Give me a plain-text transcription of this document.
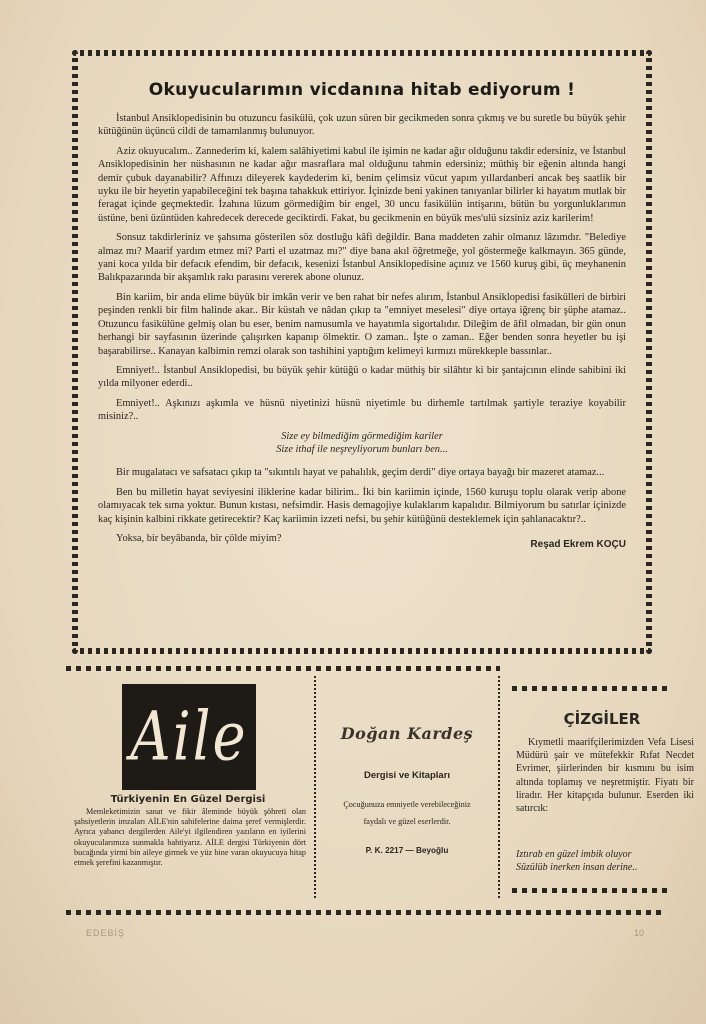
Okuyucularımın vicdanına hitab ediyorum !

İstanbul Ansiklopedisinin bu otuzuncu fasikülü, çok uzun süren bir gecikmeden sonra çıkmış ve bu suretle bu büyük şehir kütüğünün üçüncü cildi de tamamlanmış bulunuyor.

Aziz okuyucalım.. Zannederim ki, kalem salâhiyetimi kabul ile işimin ne kadar ağır olduğunu takdir edersiniz, ve İstanbul Ansiklopedisinin her nüshasının ne kadar ağır masraflara mal olduğunu tahmin edersiniz; müthiş bir eğenin altında hangi demir çubuk dayanabilir? Affınızı dileyerek kaydederim ki, benim çelimsiz vücut yapım yıllardanberi ancak beş saatlik bir uyku ile bir heyetin yapabileceğini tek başına tahakkuk ettiriyor. İçinizde beni yakinen tanıyanlar bilirler ki hayatım mutlak bir feragat içinde geçmektedir. İzahına lüzum görmediğim bir engel, 30 uncu fasikülün intişarını, bütün bu yorgunluklarımın üstüne, beni üzüntüden kahredecek derecede geciktirdi. Fakat, bu gecikmenin en büyük mes'ulü sizsiniz aziz karilerim!

Sonsuz takdirleriniz ve şahsıma gösterilen söz dostluğu kâfi değildir. Bana maddeten zahir olmanız lâzımdır. "Belediye almaz mı? Maarif yardım etmez mi? Parti el uzatmaz mı?" diye bana akıl öğretmeğe, yol göstermeğe kalkmayın. 365 günde, yani koca yılda bir defacık efendim, bir defacık, kesenizi İstanbul Ansiklopedisine açınız ve 1560 kuruş gibi, üç meyhanenin Balıkpazarında bir akşamlık rakı parasını vererek abone olunuz.

Bin kariim, bir anda elime büyük bir imkân verir ve ben rahat bir nefes alırım, İstanbul Ansiklopedisi fasikülleri de birbiri peşinden renkli bir film halinde akar.. Bir küstah ve nâdan çıkıp ta "emniyet meselesi" diye ortaya iğrenç bir şüphe atamaz.. Otuzuncu fasikülüne gelmiş olan bu eser, benim namusumla ve hayatımla sigortalıdır. Dileğim de âfil olmadan, bir gün onun herhangi bir sayfasının üzerinde çalışırken kapanıp ölmektir. O zaman.. İşte o zaman.. Eğer benden sonra heyetler bu işi başarabilirse.. Kanayan kalbimin remzi olarak son tashihini yaptığım kelimeyi kırmızı mürekkeple bassınlar..

Emniyet!.. İstanbul Ansiklopedisi, bu büyük şehir kütüğü o kadar müthiş bir silâhtır ki bir şantajcının elinde sahibini iki yılda milyoner ederdi..

Emniyet!.. Aşkınızı aşkımla ve hüsnü niyetinizi hüsnü niyetimle bu dirhemle tartılmak şartiyle teraziye koyabilir misiniz?..

Size ey bilmediğim görmediğim kariler
Size ithaf ile neşreyliyorum bunları ben...

Bir mugalatacı ve safsatacı çıkıp ta "sıkıntılı hayat ve pahalılık, geçim derdi" diye ortaya bayağı bir mazeret atamaz...

Ben bu milletin hayat seviyesini iliklerine kadar bilirim.. İki bin kariimin içinde, 1560 kuruşu toplu olarak verip abone olamıyacak tek sıma yoktur. Bunun kıstası, nefsimdir. Hasis demagojiye kulaklarım kapalıdır. Bilmiyorum bu satırlar içinizde kaç kişinin kalbini rikkate getirecektir? Kaç kariimin izzeti nefsi, bu şehir kütüğünü desteklemek için şahlanacaktır?..

Yoksa, bir beyâbanda, bir çölde miyim?

Reşad Ekrem KOÇU
Aile
Türkiyenin En Güzel Dergisi
Memleketimizin sanat ve fikir âleminde büyük şöhreti olan şahsiyetlerin imzaları AİLE'nin sahifelerine daima şeref vermişlerdir. Ayrıca yabancı dergilerden Aile'yi ilgilendiren yazıların en iyilerini okuyucularımıza sunmakla bahtiyarız. AİLE dergisi Türkiyenin dört bucağında yirmi bin aileye girmek ve yüz bine varan okuyucuya hitap etmek şerefini kazanmıştır.
Doğan Kardeş
Dergisi ve Kitapları
Çocuğunuza emniyetle verebileceğiniz
faydalı ve güzel eserlerdir.
P. K. 2217 — Beyoğlu
ÇİZGİLER
Kıymetli maarifçilerimizden Vefa Lisesi Müdürü şair ve mütefekkir Rıfat Necdet Evrimer, şiirlerinden bir kısmını bu isim altında toplamış ve neşretmiştir. Fiyatı bir liradır. Her kitapçıda bulunur. Eserden iki satırcık:
Iztırab en güzel imbik oluyor
Süzülüb inerken insan derine..
EDEBİŞ	10
